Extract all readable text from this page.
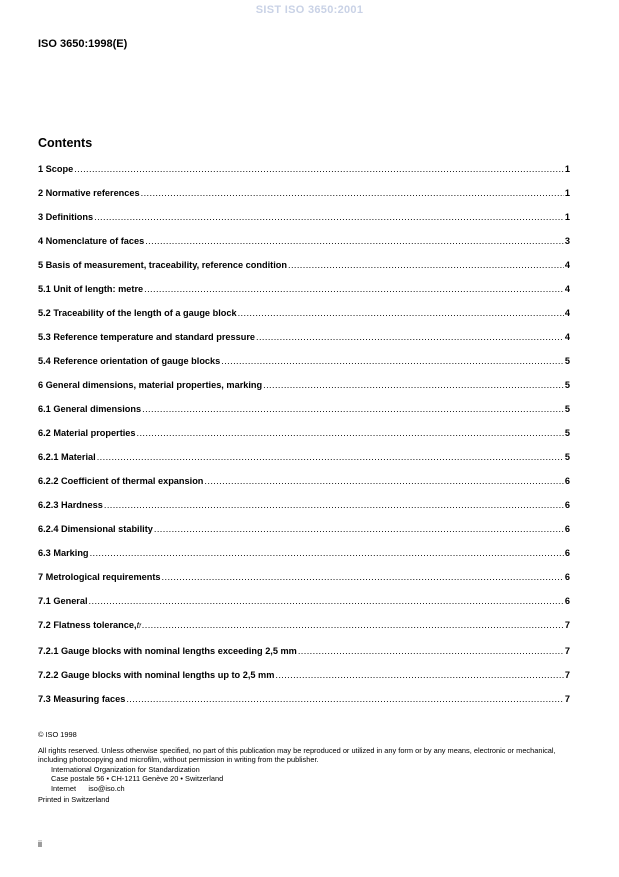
SIST ISO 3650:2001
ISO 3650:1998(E)
Contents
1 Scope .....	1
2 Normative references .....	1
3 Definitions .....	1
4 Nomenclature of faces .....	3
5 Basis of measurement, traceability, reference condition .....	4
5.1 Unit of length: metre .....	4
5.2 Traceability of the length of a gauge block .....	4
5.3 Reference temperature and standard pressure .....	4
5.4 Reference orientation of gauge blocks .....	5
6 General dimensions, material properties, marking .....	5
6.1 General dimensions .....	5
6.2 Material properties .....	5
6.2.1 Material .....	5
6.2.2 Coefficient of thermal expansion .....	6
6.2.3 Hardness .....	6
6.2.4 Dimensional stability .....	6
6.3 Marking .....	6
7 Metrological requirements .....	6
7.1 General .....	6
7.2 Flatness tolerance, $t_f$ .....	7
7.2.1 Gauge blocks with nominal lengths exceeding 2,5 mm .....	7
7.2.2 Gauge blocks with nominal lengths up to 2,5 mm .....	7
7.3 Measuring faces .....	7

© ISO 1998

All rights reserved. Unless otherwise specified, no part of this publication may be reproduced or utilized in any form or by any means, electronic or mechanical, including photocopying and microfilm, without permission in writing from the publisher.

International Organization for Standardization

Case postale 56 • CH-1211 Genève 20 • Switzerland

Internet iso@iso.ch

Printed in Switzerland

ii
